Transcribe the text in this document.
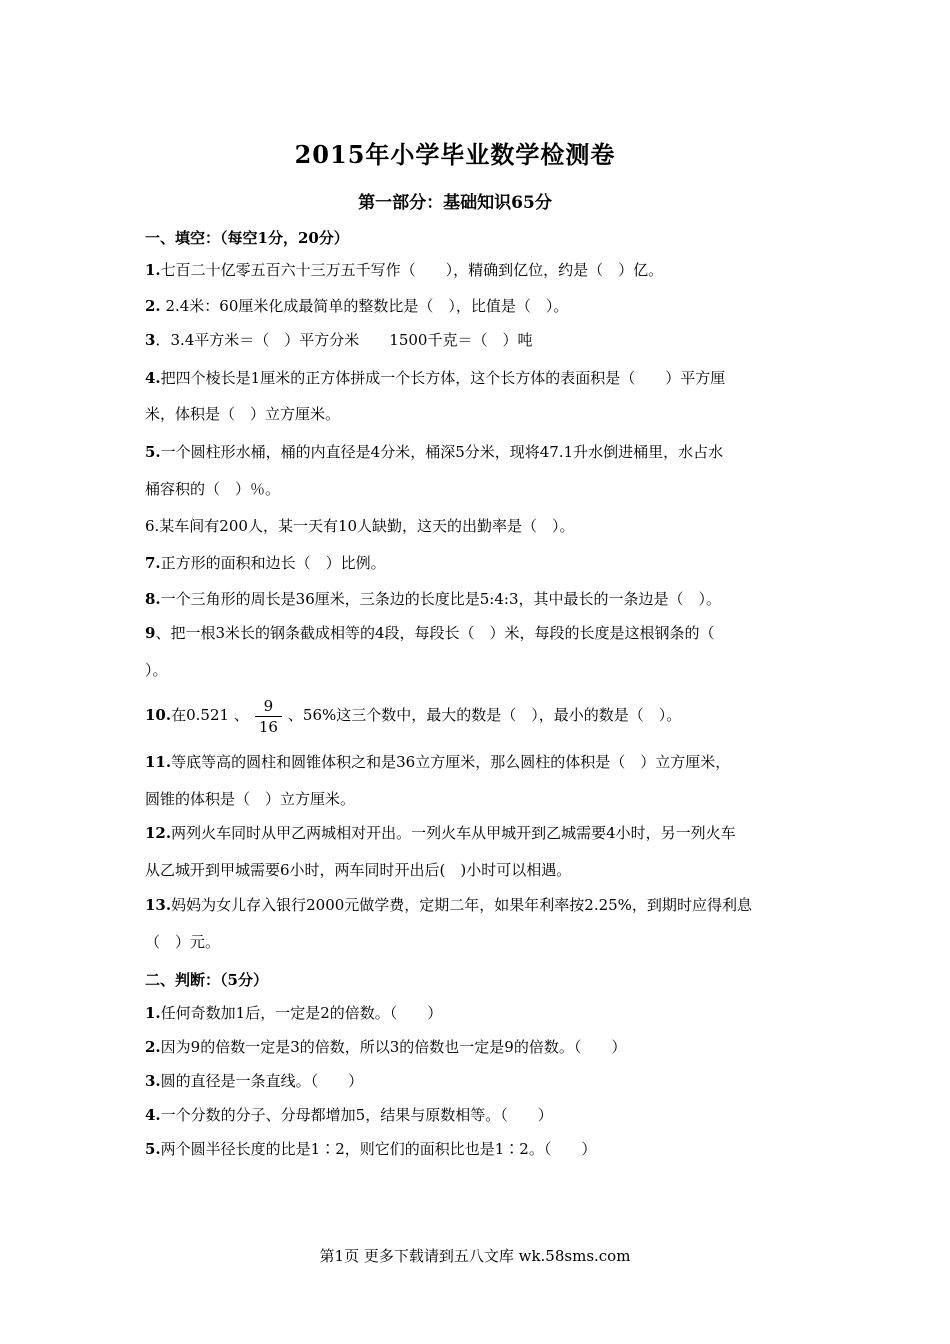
2015年小学毕业数学检测卷
第一部分：基础知识65分
一、填空：（每空1分，20分）
1.七百二十亿零五百六十三万五千写作（　　），精确到亿位，约是（　）亿。
2. 2.4米：60厘米化成最简单的整数比是（　），比值是（　）。
3．3.4平方米＝（　）平方分米　　1500千克＝（　）吨
4.把四个棱长是1厘米的正方体拼成一个长方体，这个长方体的表面积是（　　）平方厘
米，体积是（　）立方厘米。
5.一个圆柱形水桶，桶的内直径是4分米，桶深5分米，现将47.1升水倒进桶里，水占水
桶容积的（　）％。
6.某车间有200人，某一天有10人缺勤，这天的出勤率是（　）。
7.正方形的面积和边长（　）比例。
8.一个三角形的周长是36厘米，三条边的长度比是5:4:3，其中最长的一条边是（　）。
9、把一根3米长的钢条截成相等的4段，每段长（　）米，每段的长度是这根钢条的（
）。
10.在0.521 、 $\frac{9}{16}$ 、56%这三个数中，最大的数是（　），最小的数是（　）。
11.等底等高的圆柱和圆锥体积之和是36立方厘米，那么圆柱的体积是（　）立方厘米，
圆锥的体积是（　）立方厘米。
12.两列火车同时从甲乙两城相对开出。一列火车从甲城开到乙城需要4小时，另一列火车
从乙城开到甲城需要6小时，两车同时开出后(　)小时可以相遇。
13.妈妈为女儿存入银行2000元做学费，定期二年，如果年利率按2.25%，到期时应得利息
（　）元。
二、判断：（5分）
1.任何奇数加1后，一定是2的倍数。（　　）
2.因为9的倍数一定是3的倍数，所以3的倍数也一定是9的倍数。（　　）
3.圆的直径是一条直线。（　　）
4.一个分数的分子、分母都增加5，结果与原数相等。（　　）
5.两个圆半径长度的比是1∶2，则它们的面积比也是1∶2。（　　）
第1页 更多下载请到五八文库 wk.58sms.com
